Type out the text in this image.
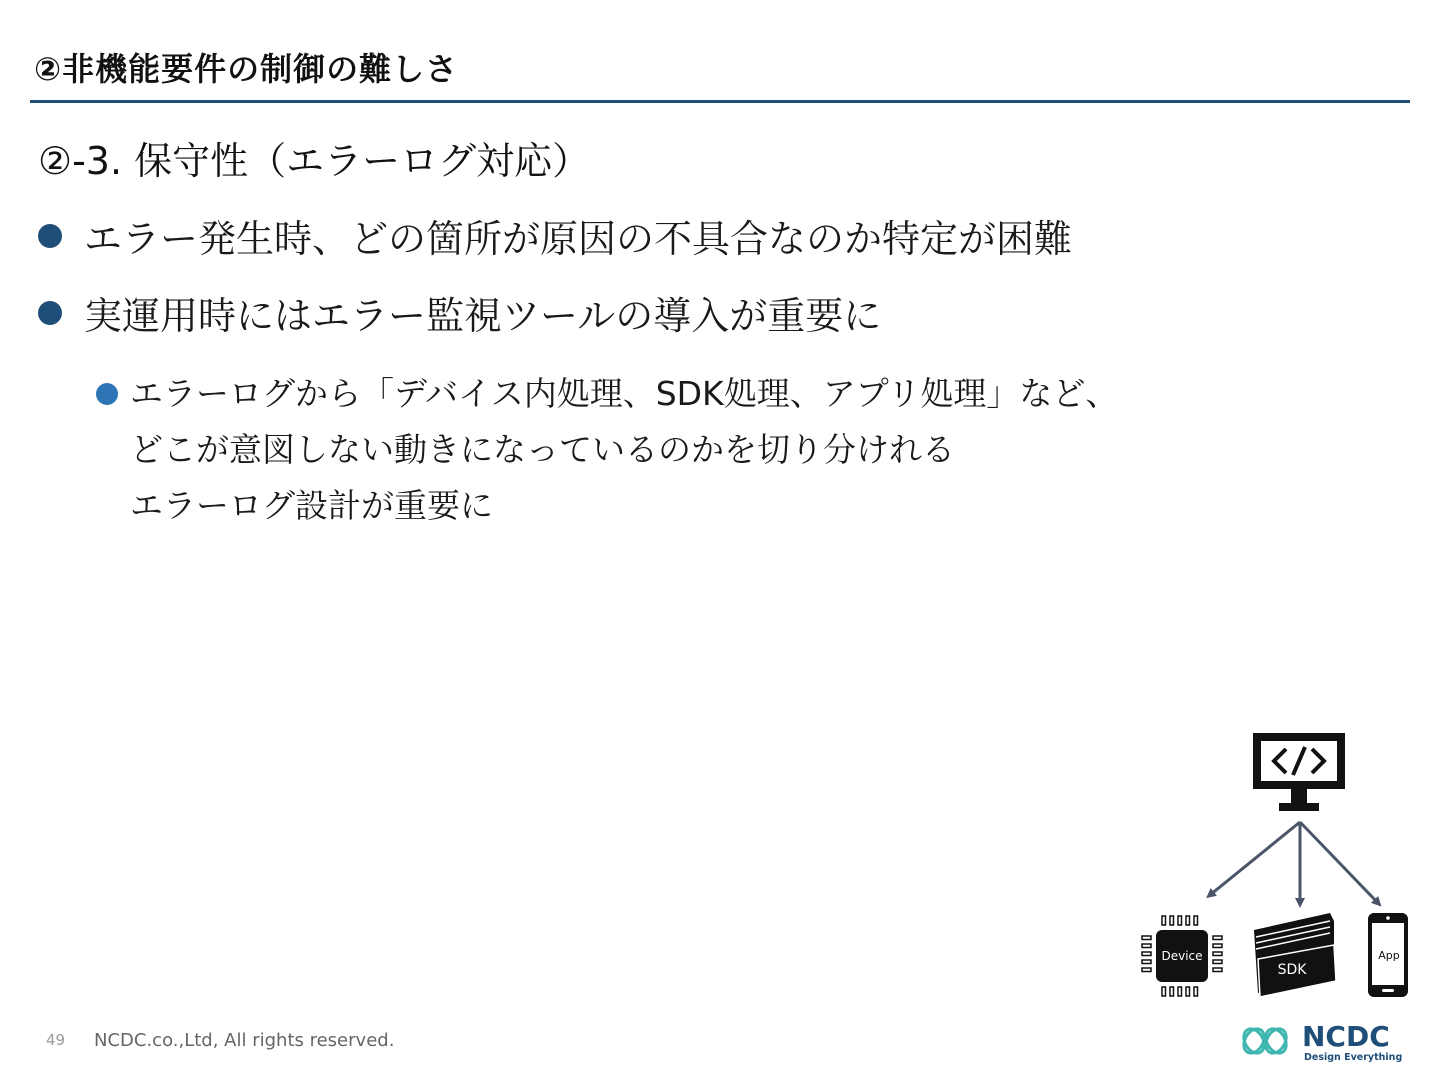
②非機能要件の制御の難しさ
②-3. 保守性（エラーログ対応）
エラー発生時、どの箇所が原因の不具合なのか特定が困難
実運用時にはエラー監視ツールの導入が重要に
エラーログから「デバイス内処理、SDK処理、アプリ処理」など、
どこが意図しない動きになっているのかを切り分けれる
エラーログ設計が重要に
Device
SDK
App
49 NCDC.co.,Ltd, All rights reserved.	NCDC
Design Everything
